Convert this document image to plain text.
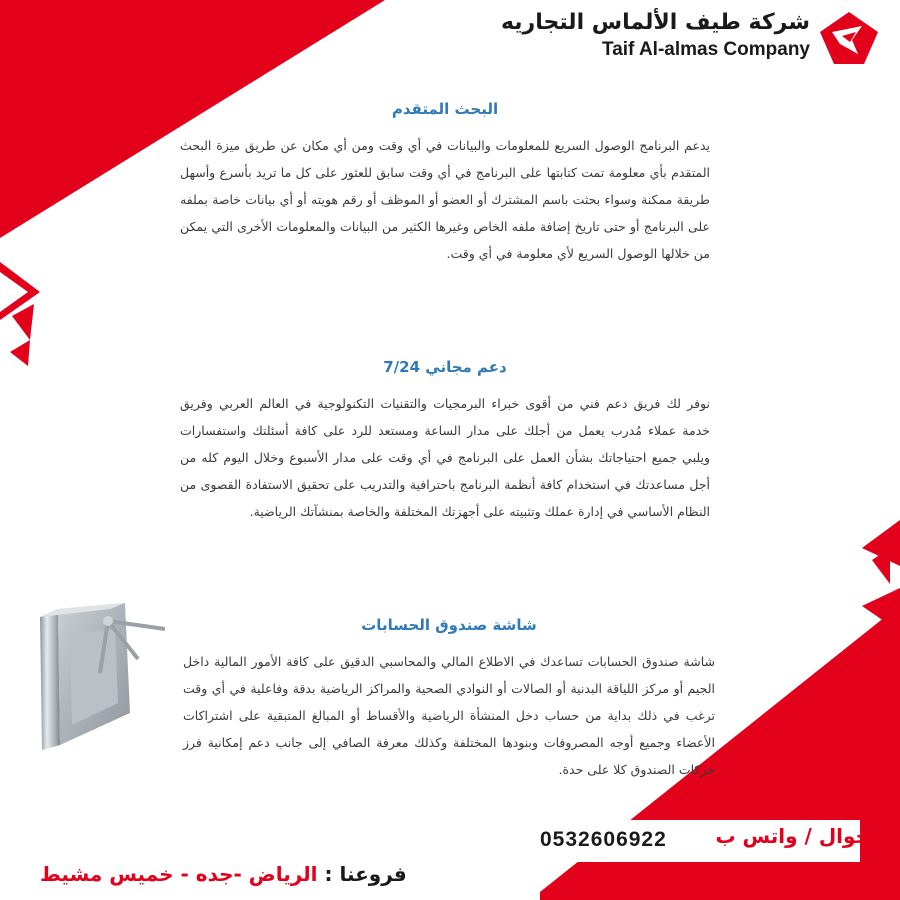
شركة طيف الألماس التجاريه
Taif Al-almas Company

البحث المتقدم

يدعم البرنامج الوصول السريع للمعلومات والبيانات في أي وقت ومن أي مكان عن طريق ميزة البحث المتقدم بأي معلومة تمت كتابتها على البرنامج في أي وقت سابق للعثور على كل ما تريد بأسرع وأسهل طريقة ممكنة وسواء بحثت باسم المشترك أو العضو أو الموظف أو رقم هويته أو أي بيانات خاصة بملفه على البرنامج أو حتى تاريخ إضافة ملفه الخاص وغيرها الكثير من البيانات والمعلومات الأخرى التي يمكن من خلالها الوصول السريع لأي معلومة في أي وقت.

دعم مجاني 7/24

نوفر لك فريق دعم فني من أقوى خبراء البرمجيات والتقنيات التكنولوجية في العالم العربي وفريق خدمة عملاء مُدرب يعمل من أجلك على مدار الساعة ومستعد للرد على كافة أسئلتك واستفسارات ويلبي جميع احتياجاتك بشأن العمل على البرنامج في أي وقت على مدار الأسبوع وخلال اليوم كله من أجل مساعدتك في استخدام كافة أنظمة البرنامج باحترافية والتدريب على تحقيق الاستفادة القصوى من النظام الأساسي في إدارة عملك وتثبيته على أجهزتك المختلفة والخاصة بمنشآتك الرياضية.

شاشة صندوق الحسابات

شاشة صندوق الحسابات تساعدك في الاطلاع المالي والمحاسبي الدقيق على كافة الأمور المالية داخل الجيم أو مركز اللياقة البدنية أو الصالات أو النوادي الصحية والمراكز الرياضية بدقة وفاعلية في أي وقت ترغب في ذلك بداية من حساب دخل المنشأة الرياضية والأقساط أو المبالغ المتبقية على اشتراكات الأعضاء وجميع أوجه المصروفات وبنودها المختلفة وكذلك معرفة الصافي إلى جانب دعم إمكانية فرز حركات الصندوق كلا على حدة.

0532606922	جوال / واتس ب
فروعنا : الرياض -جده - خميس مشيط
